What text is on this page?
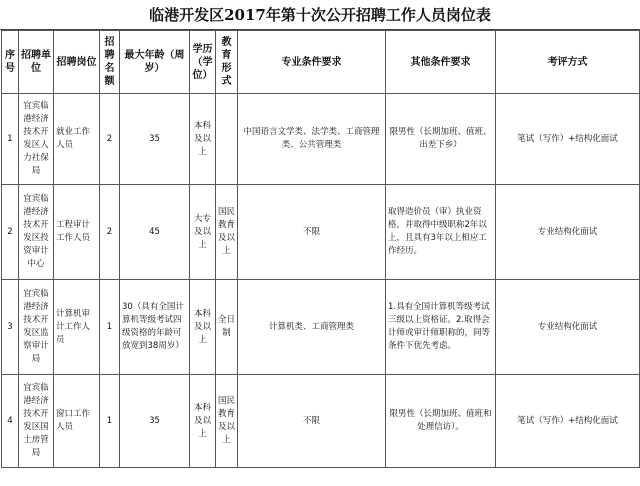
临港开发区2017年第十次公开招聘工作人员岗位表
序号	招聘单位	招聘岗位	招聘名额	最大年龄（周岁）	学历（学位）	教育形式	专业条件要求	其他条件要求	考评方式
1	宜宾临港经济技术开发区人力社保局	就业工作人员	2	35	本科及以上		中国语言文学类、法学类、工商管理类、公共管理类	限男性（长期加班、值班、出差下乡）	笔试（写作）+结构化面试
2	宜宾临港经济技术开发区投资审计中心	工程审计工作人员	2	45	大专及以上	国民教育及以上	不限	取得造价员（审）执业资格，并取得中级职称2年以上，且具有3年以上相应工作经历。	专业结构化面试
3	宜宾临港经济技术开发区监察审计局	计算机审计工作人员	1	30（具有全国计算机等级考试四级资格的年龄可放宽到38周岁）	本科及以上	全日制	计算机类、工商管理类	1.具有全国计算机等级考试三级以上资格证。2.取得会计师或审计师职称的，同等条件下优先考虑。	专业结构化面试
4	宜宾临港经济技术开发区国土房管局	窗口工作人员	1	35	本科及以上	国民教育及以上	不限	限男性（长期加班、值班和处理信访）。	笔试（写作）+结构化面试
